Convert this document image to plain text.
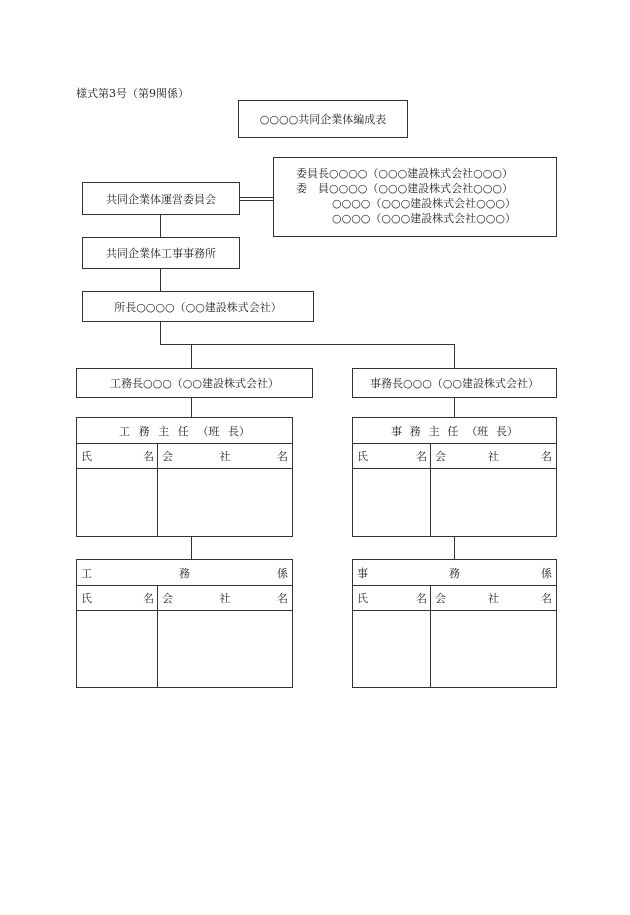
様式第3号（第9関係）
○○○○共同企業体編成表
共同企業体運営委員会
委員長○○○○（○○○建設株式会社○○○）
委　員○○○○（○○○建設株式会社○○○）
○○○○（○○○建設株式会社○○○）
○○○○（○○○建設株式会社○○○）
共同企業体工事事務所
所長○○○○（○○建設株式会社）
工務長○○○（○○建設株式会社）	事務長○○○（○○建設株式会社）
工 務 主 任 （班 長）
氏	名 会	社	名
事 務 主 任 （班 長）
氏	名 会	社	名
工	務	係
氏	名 会	社	名
事	務	係
氏	名 会	社	名
